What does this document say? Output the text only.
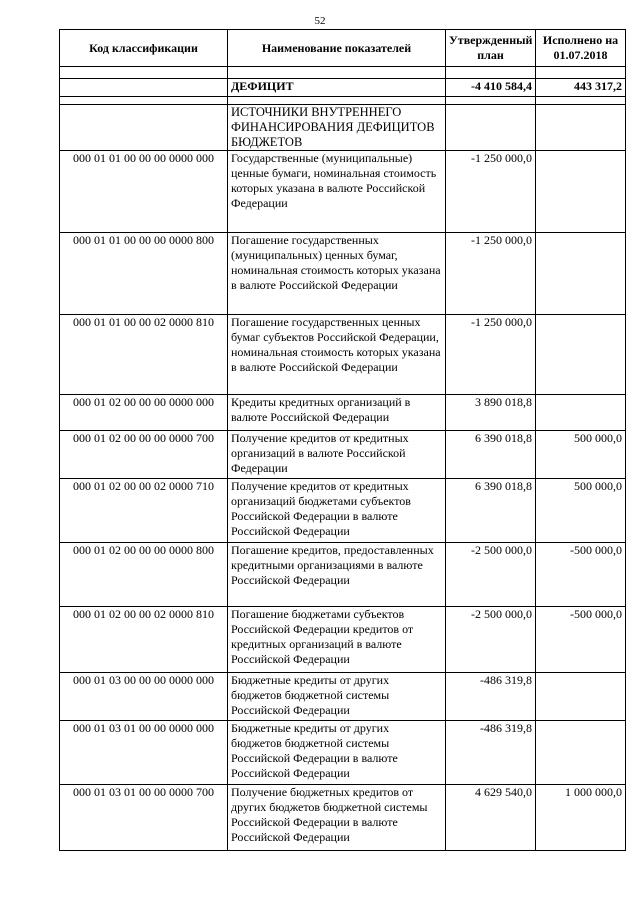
52
Код классификации	Наименование показателей	Утвержденный план	Исполнено на 01.07.2018

	ДЕФИЦИТ	-4 410 584,4	443 317,2

	ИСТОЧНИКИ ВНУТРЕННЕГО ФИНАНСИРОВАНИЯ ДЕФИЦИТОВ БЮДЖЕТОВ		
000 01 01 00 00 00 0000 000	Государственные (муниципальные) ценные бумаги, номинальная стоимость которых указана в валюте Российской Федерации	-1 250 000,0	
000 01 01 00 00 00 0000 800	Погашение государственных (муниципальных) ценных бумаг, номинальная стоимость которых указана в валюте Российской Федерации	-1 250 000,0	
000 01 01 00 00 02 0000 810	Погашение государственных ценных бумаг субъектов Российской Федерации, номинальная стоимость которых указана в валюте Российской Федерации	-1 250 000,0	
000 01 02 00 00 00 0000 000	Кредиты кредитных организаций в валюте Российской Федерации	3 890 018,8	
000 01 02 00 00 00 0000 700	Получение кредитов от кредитных организаций в валюте Российской Федерации	6 390 018,8	500 000,0
000 01 02 00 00 02 0000 710	Получение кредитов от кредитных организаций бюджетами субъектов Российской Федерации в валюте Российской Федерации	6 390 018,8	500 000,0
000 01 02 00 00 00 0000 800	Погашение кредитов, предоставленных кредитными организациями в валюте Российской Федерации	-2 500 000,0	-500 000,0
000 01 02 00 00 02 0000 810	Погашение бюджетами субъектов Российской Федерации кредитов от кредитных организаций в валюте Российской Федерации	-2 500 000,0	-500 000,0
000 01 03 00 00 00 0000 000	Бюджетные кредиты от других бюджетов бюджетной системы Российской Федерации	-486 319,8	
000 01 03 01 00 00 0000 000	Бюджетные кредиты от других бюджетов бюджетной системы Российской Федерации в валюте Российской Федерации	-486 319,8	
000 01 03 01 00 00 0000 700	Получение бюджетных кредитов от других бюджетов бюджетной системы Российской Федерации в валюте Российской Федерации	4 629 540,0	1 000 000,0
